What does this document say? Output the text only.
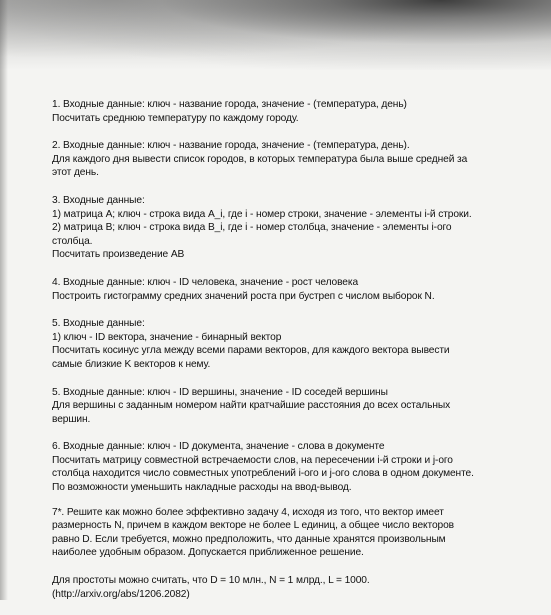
1. Входные данные: ключ - название города, значение - (температура, день)
Посчитать среднюю температуру по каждому городу.
2. Входные данные: ключ - название города, значение - (температура, день).
Для каждого дня вывести список городов, в которых температура была выше средней за
этот день.
3. Входные данные:
1) матрица A; ключ - строка вида A_i, где i - номер строки, значение - элементы i-й строки.
2) матрица B; ключ - строка вида B_i, где i - номер столбца, значение - элементы i-ого
столбца.
Посчитать произведение AB
4. Входные данные: ключ - ID человека, значение - рост человека
Построить гистограмму средних значений роста при бустреп с числом выборок N.
5. Входные данные:
1) ключ - ID вектора, значение - бинарный вектор
Посчитать косинус угла между всеми парами векторов, для каждого вектора вывести
самые близкие K векторов к нему.
5. Входные данные: ключ - ID вершины, значение - ID соседей вершины
Для вершины с заданным номером найти кратчайшие расстояния до всех остальных
вершин.
6. Входные данные: ключ - ID документа, значение - слова в документе
Посчитать матрицу совместной встречаемости слов, на пересечении i-й строки и j-ого
столбца находится число совместных употреблений i-ого и j-ого слова в одном документе.
По возможности уменьшить накладные расходы на ввод-вывод.
7*. Решите как можно более эффективно задачу 4, исходя из того, что вектор имеет
размерность N, причем в каждом векторе не более L единиц, а общее число векторов
равно D. Если требуется, можно предположить, что данные хранятся произвольным
наиболее удобным образом. Допускается приближенное решение.
Для простоты можно считать, что D = 10 млн., N = 1 млрд., L = 1000.
(http://arxiv.org/abs/1206.2082)
